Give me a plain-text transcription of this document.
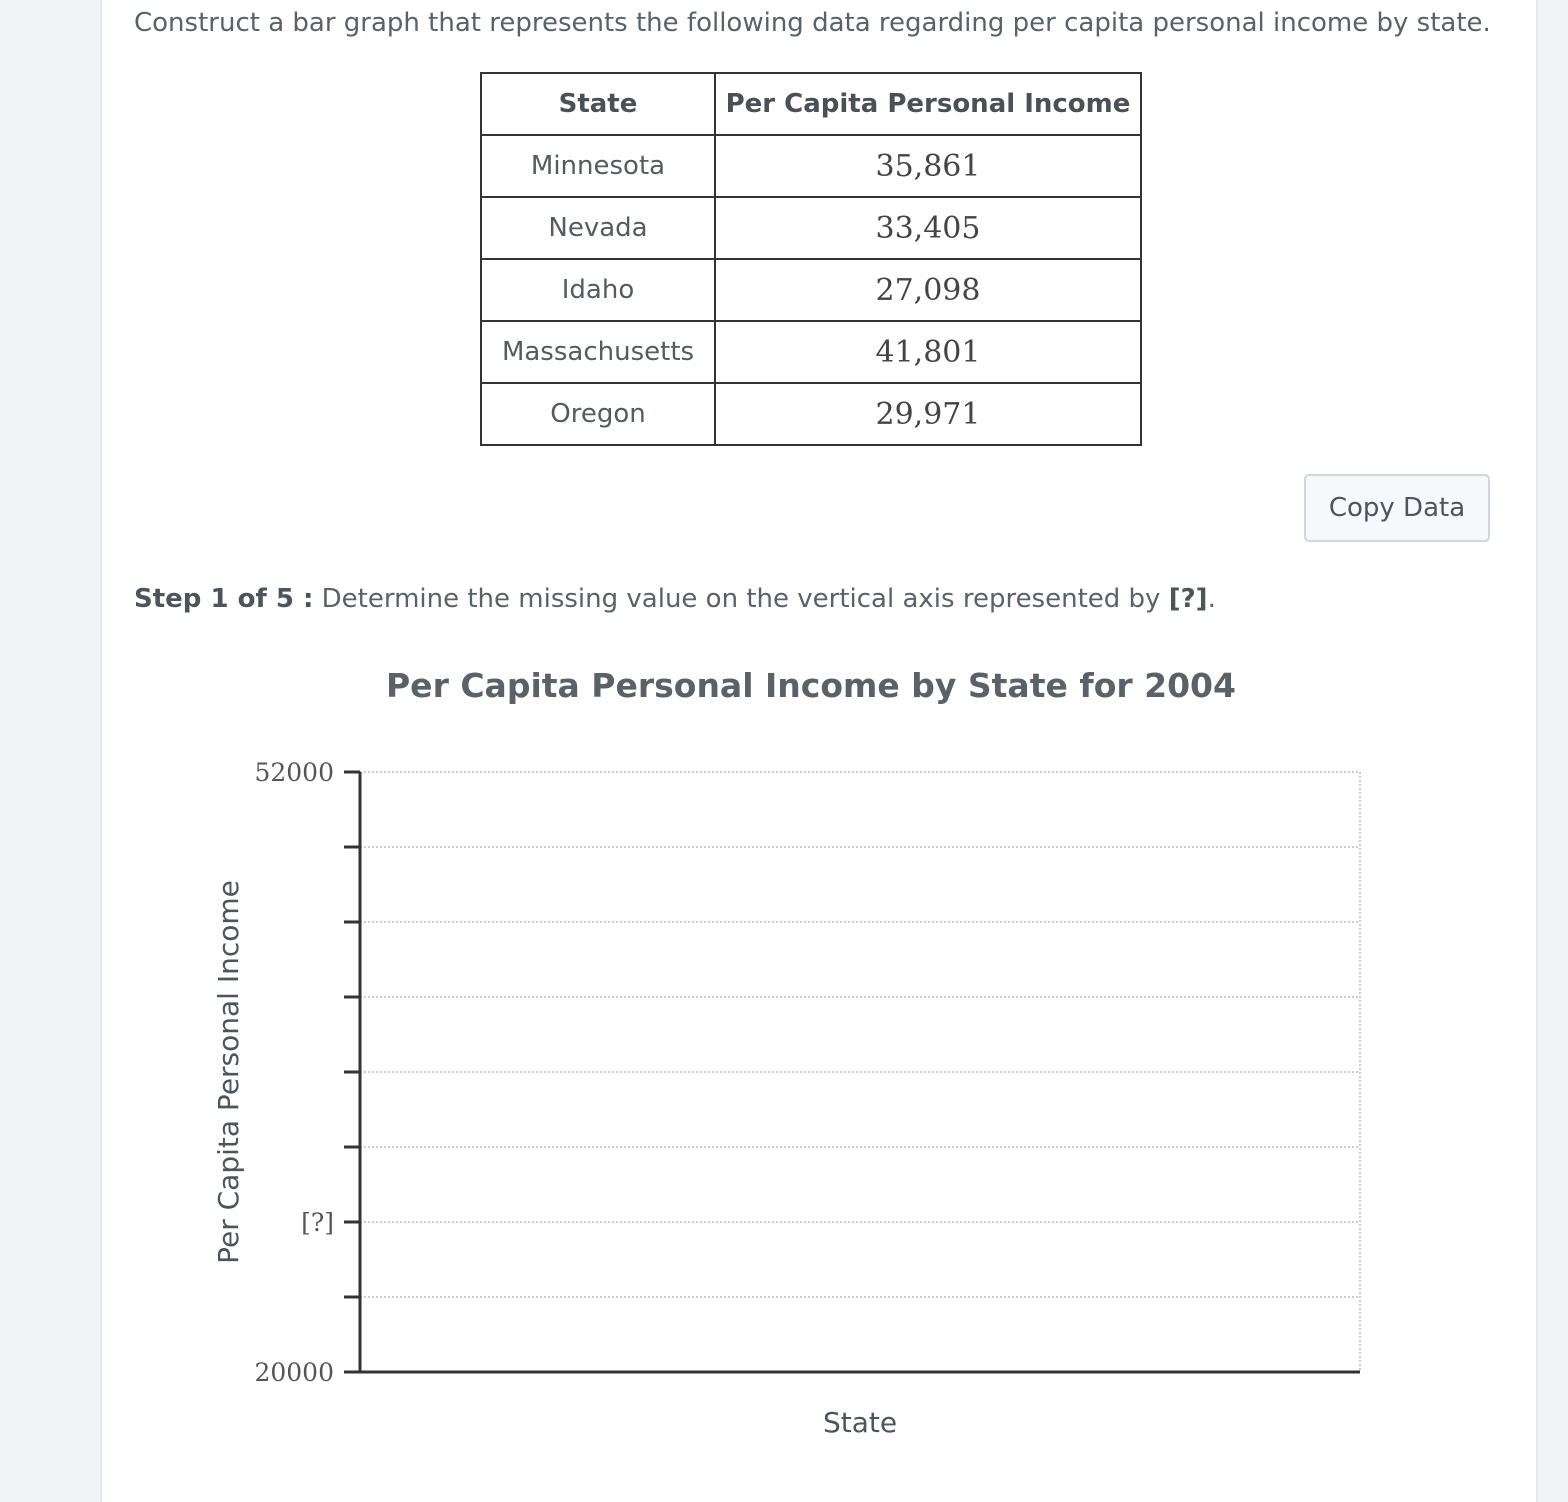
Construct a bar graph that represents the following data regarding per capita personal income by state.
State	Per Capita Personal Income
Minnesota	35,861
Nevada	33,405
Idaho	27,098
Massachusetts	41,801
Oregon	29,971
Copy Data
Step 1 of 5 : Determine the missing value on the vertical axis represented by [?].
Per Capita Personal Income by State for 2004
20000
[?]
52000
State
Per Capita Personal Income
